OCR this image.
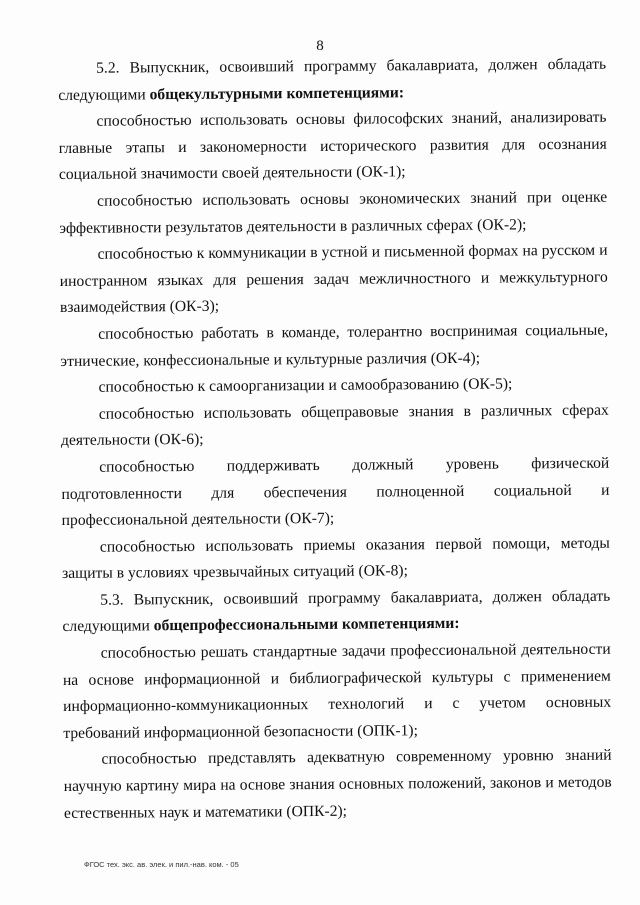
8

5.2. Выпускник, освоивший программу бакалавриата, должен обладать следующими общекультурными компетенциями:

способностью использовать основы философских знаний, анализировать главные этапы и закономерности исторического развития для осознания социальной значимости своей деятельности (ОК-1);

способностью использовать основы экономических знаний при оценке эффективности результатов деятельности в различных сферах (ОК-2);

способностью к коммуникации в устной и письменной формах на русском и иностранном языках для решения задач межличностного и межкультурного взаимодействия (ОК-3);

способностью работать в команде, толерантно воспринимая социальные, этнические, конфессиональные и культурные различия (ОК-4);

способностью к самоорганизации и самообразованию (ОК-5);

способностью использовать общеправовые знания в различных сферах деятельности (ОК-6);

способностью поддерживать должный уровень физической подготовленности для обеспечения полноценной социальной и профессиональной деятельности (ОК-7);

способностью использовать приемы оказания первой помощи, методы защиты в условиях чрезвычайных ситуаций (ОК-8);

5.3. Выпускник, освоивший программу бакалавриата, должен обладать следующими общепрофессиональными компетенциями:

способностью решать стандартные задачи профессиональной деятельности на основе информационной и библиографической культуры с применением информационно-коммуникационных технологий и с учетом основных требований информационной безопасности (ОПК-1);

способностью представлять адекватную современному уровню знаний научную картину мира на основе знания основных положений, законов и методов естественных наук и математики (ОПК-2);

ФГОС тех. экс. ав. элек. и пил.-нав. ком. - 05
